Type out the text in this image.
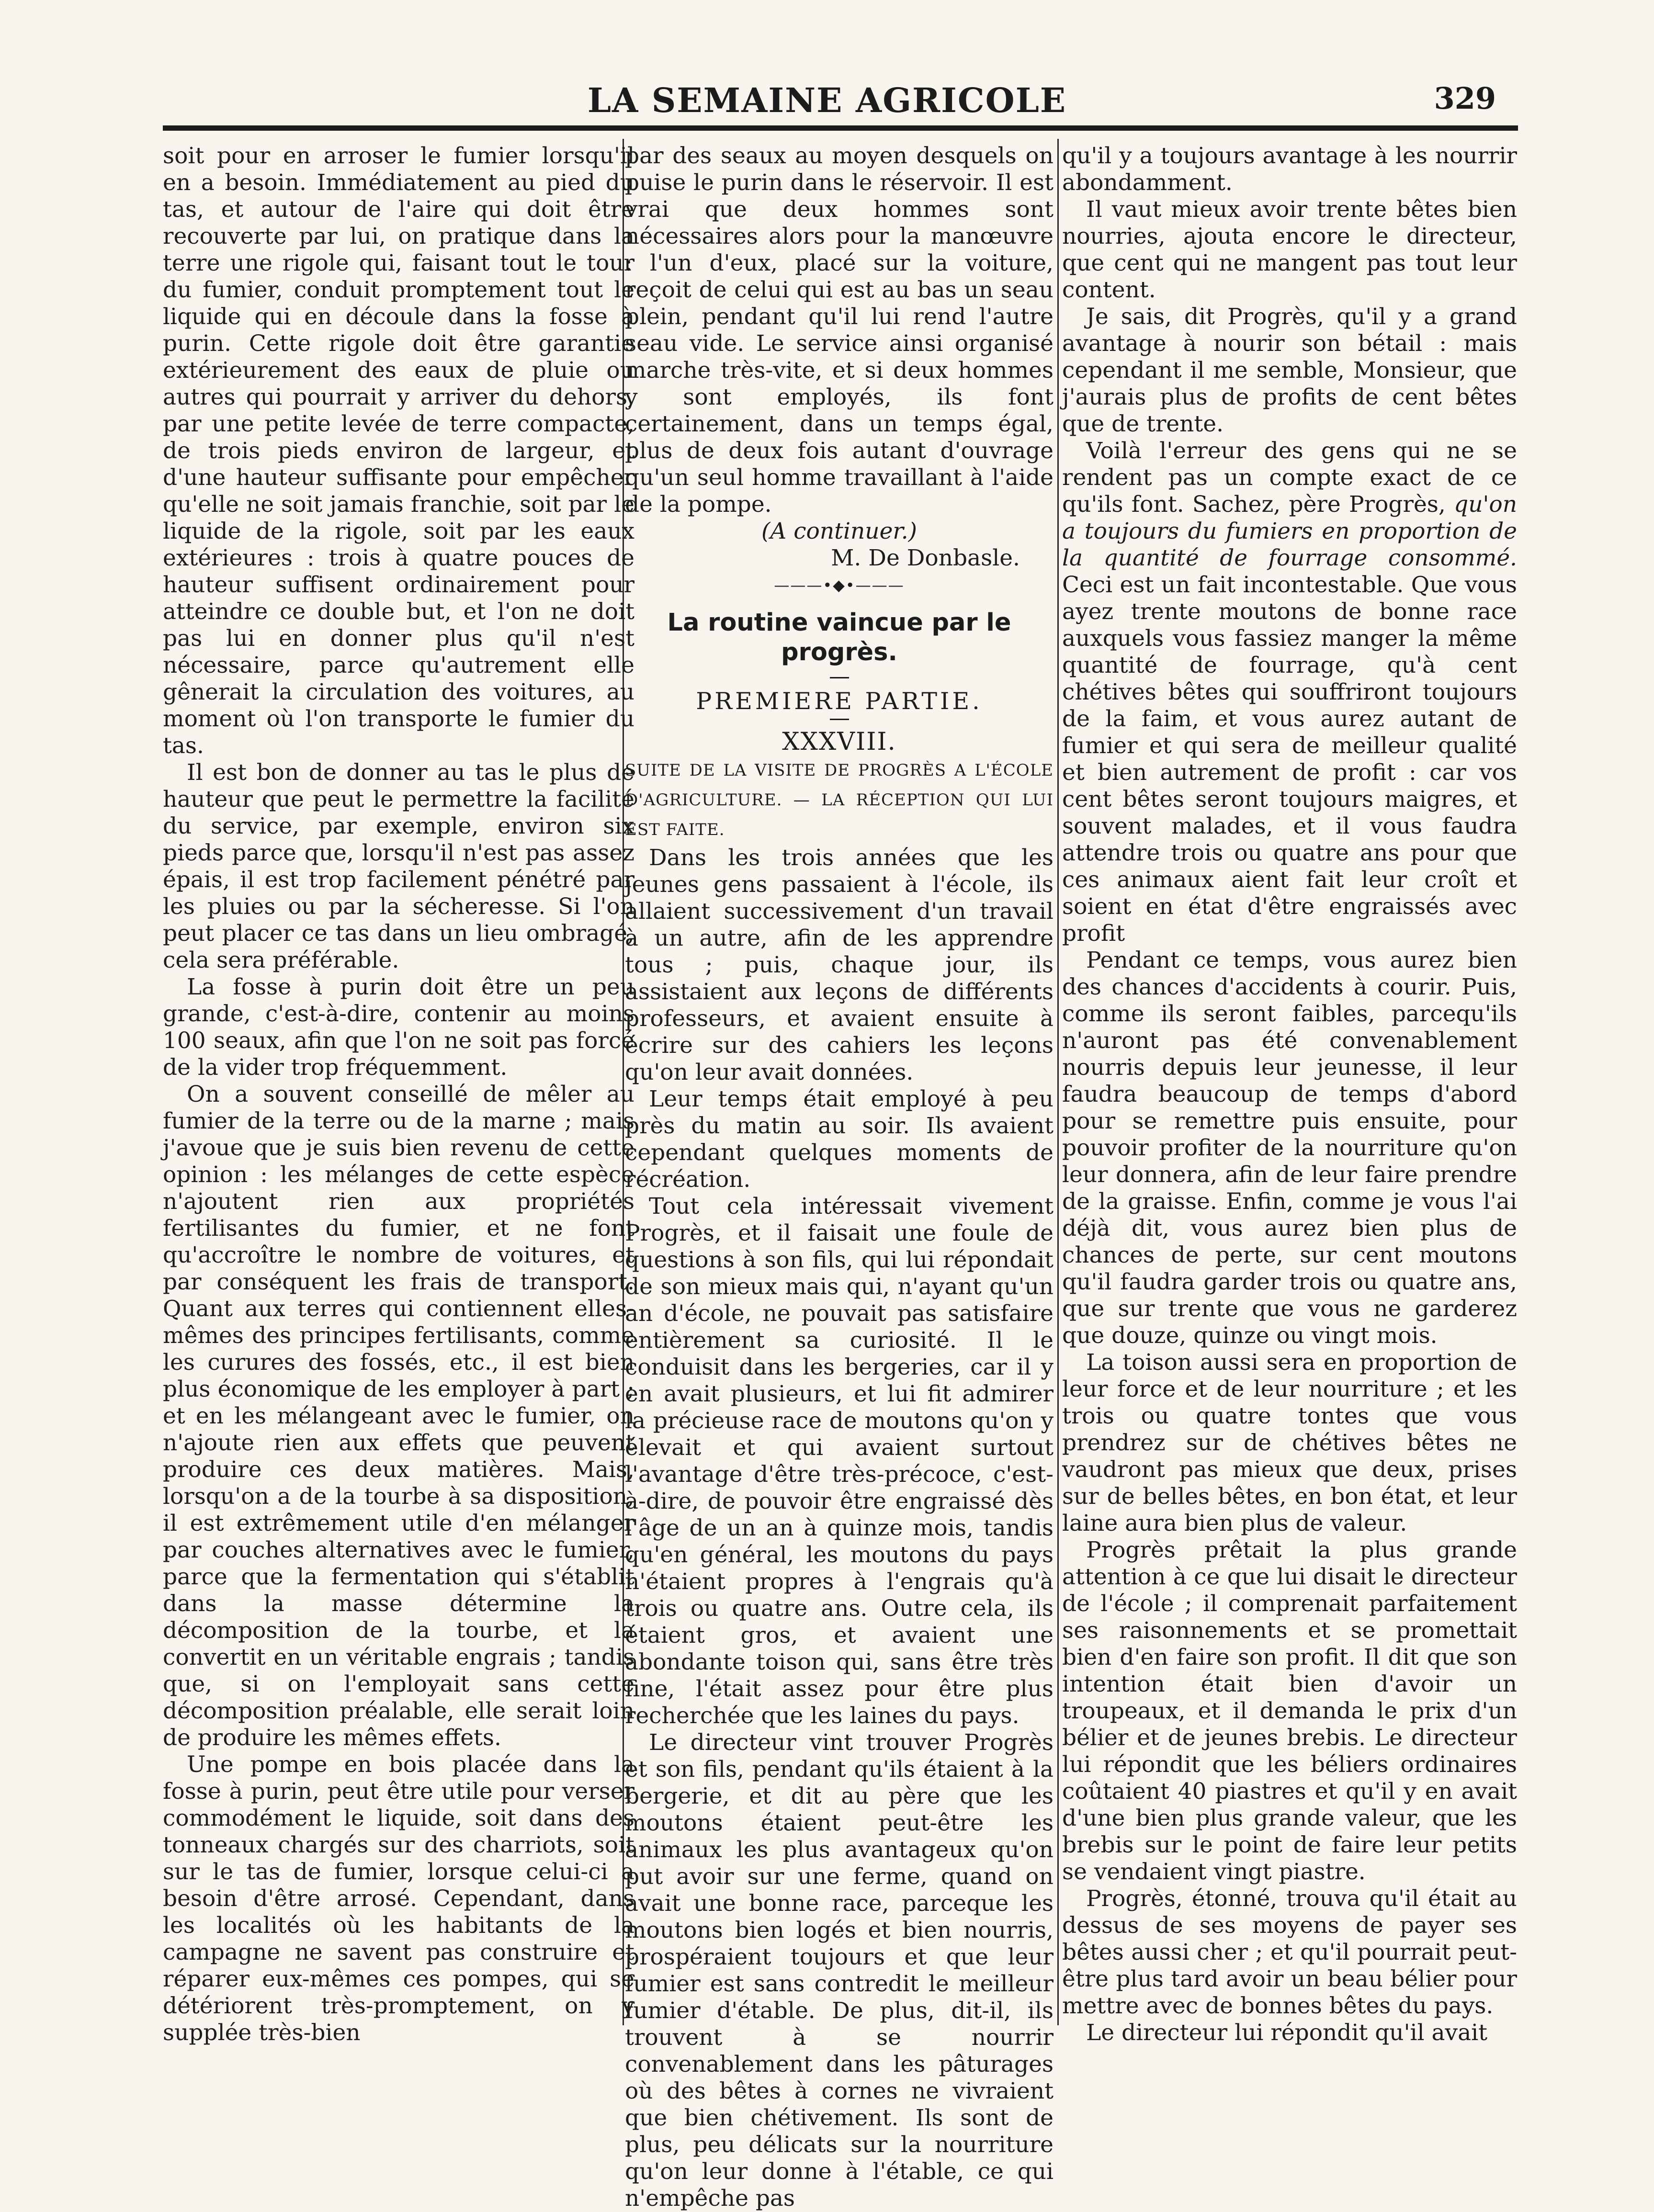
LA SEMAINE AGRICOLE	329

soit pour en arroser le fumier lorsqu'il en a besoin. Immédiatement au pied du tas, et autour de l'aire qui doit être recouverte par lui, on pratique dans la terre une rigole qui, faisant tout le tour du fumier, conduit promptement tout le liquide qui en découle dans la fosse à purin. Cette rigole doit être garantie extérieurement des eaux de pluie ou autres qui pourrait y arriver du dehors, par une petite levée de terre compacte, de trois pieds environ de largeur, et d'une hauteur suffisante pour empêcher qu'elle ne soit jamais franchie, soit par le liquide de la rigole, soit par les eaux extérieures : trois à quatre pouces de hauteur suffisent ordinairement pour atteindre ce double but, et l'on ne doit pas lui en donner plus qu'il n'est nécessaire, parce qu'autrement elle gênerait la circulation des voitures, au moment où l'on transporte le fumier du tas.

Il est bon de donner au tas le plus de hauteur que peut le permettre la facilité du service, par exemple, environ six pieds parce que, lorsqu'il n'est pas assez épais, il est trop facilement pénétré par les pluies ou par la sécheresse. Si l'on peut placer ce tas dans un lieu ombragé, cela sera préférable.

La fosse à purin doit être un peu grande, c'est-à-dire, contenir au moins 100 seaux, afin que l'on ne soit pas forcé de la vider trop fréquemment.

On a souvent conseillé de mêler au fumier de la terre ou de la marne ; mais j'avoue que je suis bien revenu de cette opinion : les mélanges de cette espèce n'ajoutent rien aux propriétés fertilisantes du fumier, et ne font qu'accroître le nombre de voitures, et par conséquent les frais de transport. Quant aux terres qui contiennent elles-mêmes des principes fertilisants, comme les curures des fossés, etc., il est bien plus économique de les employer à part ; et en les mélangeant avec le fumier, on n'ajoute rien aux effets que peuvent produire ces deux matières. Mais, lorsqu'on a de la tourbe à sa disposition, il est extrêmement utile d'en mélanger par couches alternatives avec le fumier, parce que la fermentation qui s'établit dans la masse détermine la décomposition de la tourbe, et la convertit en un véritable engrais ; tandis que, si on l'employait sans cette décomposition préalable, elle serait loin de produire les mêmes effets.

Une pompe en bois placée dans la fosse à purin, peut être utile pour verser commodément le liquide, soit dans des tonneaux chargés sur des charriots, soit sur le tas de fumier, lorsque celui-ci a besoin d'être arrosé. Cependant, dans les localités où les habitants de la campagne ne savent pas construire et réparer eux-mêmes ces pompes, qui se détériorent très-promptement, on y supplée très-bien

par des seaux au moyen desquels on puise le purin dans le réservoir. Il est vrai que deux hommes sont nécessaires alors pour la manœuvre : l'un d'eux, placé sur la voiture, reçoit de celui qui est au bas un seau plein, pendant qu'il lui rend l'autre seau vide. Le service ainsi organisé marche très-vite, et si deux hommes y sont employés, ils font certainement, dans un temps égal, plus de deux fois autant d'ouvrage qu'un seul homme travaillant à l'aide de la pompe.

(A continuer.)

M. De Donbasle.

———•◆•———
La routine vaincue par le progrès.

PREMIERE PARTIE.

XXXVIII.

SUITE DE LA VISITE DE PROGRÈS A L'ÉCOLE D'AGRICULTURE. — LA RÉCEPTION QUI LUI EST FAITE.

Dans les trois années que les jeunes gens passaient à l'école, ils allaient successivement d'un travail à un autre, afin de les apprendre tous ; puis, chaque jour, ils assistaient aux leçons de différents professeurs, et avaient ensuite à écrire sur des cahiers les leçons qu'on leur avait données.

Leur temps était employé à peu près du matin au soir. Ils avaient cependant quelques moments de récréation.

Tout cela intéressait vivement Progrès, et il faisait une foule de questions à son fils, qui lui répondait de son mieux mais qui, n'ayant qu'un an d'école, ne pouvait pas satisfaire entièrement sa curiosité. Il le conduisit dans les bergeries, car il y en avait plusieurs, et lui fit admirer la précieuse race de moutons qu'on y élevait et qui avaient surtout l'avantage d'être très-précoce, c'est-à-dire, de pouvoir être engraissé dès l'âge de un an à quinze mois, tandis qu'en général, les moutons du pays n'étaient propres à l'engrais qu'à trois ou quatre ans. Outre cela, ils étaient gros, et avaient une abondante toison qui, sans être très fine, l'était assez pour être plus recherchée que les laines du pays.

Le directeur vint trouver Progrès et son fils, pendant qu'ils étaient à la bergerie, et dit au père que les moutons étaient peut-être les animaux les plus avantageux qu'on put avoir sur une ferme, quand on avait une bonne race, parceque les moutons bien logés et bien nourris, prospéraient toujours et que leur fumier est sans contredit le meilleur fumier d'étable. De plus, dit-il, ils trouvent à se nourrir convenablement dans les pâturages où des bêtes à cornes ne vivraient que bien chétivement. Ils sont de plus, peu délicats sur la nourriture qu'on leur donne à l'étable, ce qui n'empêche pas

qu'il y a toujours avantage à les nourrir abondamment.

Il vaut mieux avoir trente bêtes bien nourries, ajouta encore le directeur, que cent qui ne mangent pas tout leur content.

Je sais, dit Progrès, qu'il y a grand avantage à nourir son bétail : mais cependant il me semble, Monsieur, que j'aurais plus de profits de cent bêtes que de trente.

Voilà l'erreur des gens qui ne se rendent pas un compte exact de ce qu'ils font. Sachez, père Progrès, qu'on a toujours du fumiers en proportion de la quantité de fourrage consommé. Ceci est un fait incontestable. Que vous ayez trente moutons de bonne race auxquels vous fassiez manger la même quantité de fourrage, qu'à cent chétives bêtes qui souffriront toujours de la faim, et vous aurez autant de fumier et qui sera de meilleur qualité et bien autrement de profit : car vos cent bêtes seront toujours maigres, et souvent malades, et il vous faudra attendre trois ou quatre ans pour que ces animaux aient fait leur croît et soient en état d'être engraissés avec profit

Pendant ce temps, vous aurez bien des chances d'accidents à courir. Puis, comme ils seront faibles, parcequ'ils n'auront pas été convenablement nourris depuis leur jeunesse, il leur faudra beaucoup de temps d'abord pour se remettre puis ensuite, pour pouvoir profiter de la nourriture qu'on leur donnera, afin de leur faire prendre de la graisse. Enfin, comme je vous l'ai déjà dit, vous aurez bien plus de chances de perte, sur cent moutons qu'il faudra garder trois ou quatre ans, que sur trente que vous ne garderez que douze, quinze ou vingt mois.

La toison aussi sera en proportion de leur force et de leur nourriture ; et les trois ou quatre tontes que vous prendrez sur de chétives bêtes ne vaudront pas mieux que deux, prises sur de belles bêtes, en bon état, et leur laine aura bien plus de valeur.

Progrès prêtait la plus grande attention à ce que lui disait le directeur de l'école ; il comprenait parfaitement ses raisonnements et se promettait bien d'en faire son profit. Il dit que son intention était bien d'avoir un troupeaux, et il demanda le prix d'un bélier et de jeunes brebis. Le directeur lui répondit que les béliers ordinaires coûtaient 40 piastres et qu'il y en avait d'une bien plus grande valeur, que les brebis sur le point de faire leur petits se vendaient vingt piastre.

Progrès, étonné, trouva qu'il était au dessus de ses moyens de payer ses bêtes aussi cher ; et qu'il pourrait peut-être plus tard avoir un beau bélier pour mettre avec de bonnes bêtes du pays.

Le directeur lui répondit qu'il avait
